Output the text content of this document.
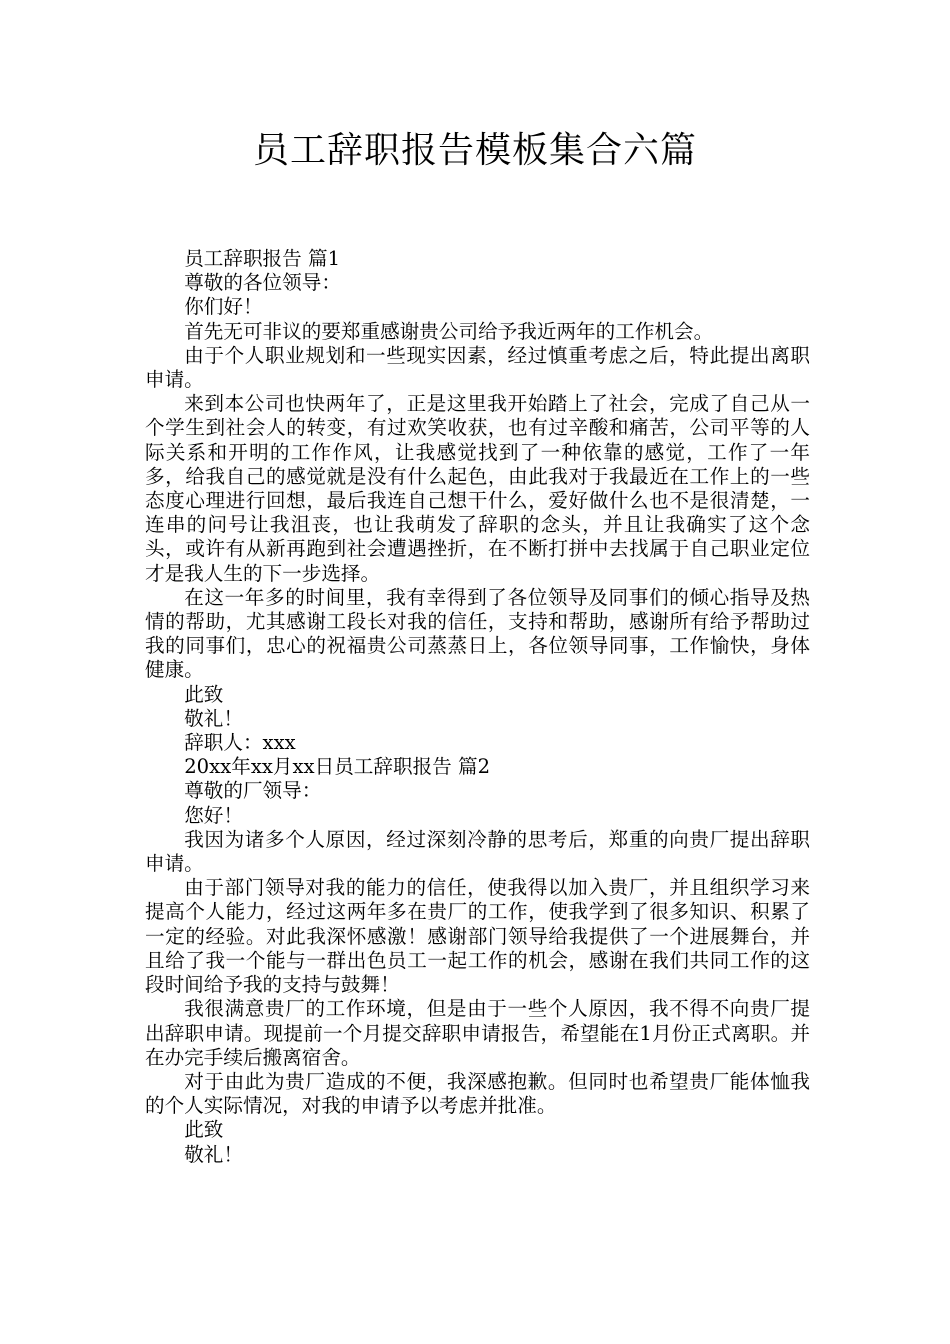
员工辞职报告模板集合六篇

员工辞职报告 篇1

尊敬的各位领导：

你们好！

首先无可非议的要郑重感谢贵公司给予我近两年的工作机会。

由于个人职业规划和一些现实因素，经过慎重考虑之后，特此提出离职申请。

来到本公司也快两年了，正是这里我开始踏上了社会，完成了自己从一个学生到社会人的转变，有过欢笑收获，也有过辛酸和痛苦，公司平等的人际关系和开明的工作作风，让我感觉找到了一种依靠的感觉，工作了一年多，给我自己的感觉就是没有什么起色，由此我对于我最近在工作上的一些态度心理进行回想，最后我连自己想干什么，爱好做什么也不是很清楚，一连串的问号让我沮丧，也让我萌发了辞职的念头，并且让我确实了这个念头，或许有从新再跑到社会遭遇挫折，在不断打拼中去找属于自己职业定位才是我人生的下一步选择。

在这一年多的时间里，我有幸得到了各位领导及同事们的倾心指导及热情的帮助，尤其感谢工段长对我的信任，支持和帮助，感谢所有给予帮助过我的同事们，忠心的祝福贵公司蒸蒸日上，各位领导同事，工作愉快，身体健康。

此致

敬礼！

辞职人：xxx

20xx年xx月xx日员工辞职报告 篇2

尊敬的厂领导：

您好！

我因为诸多个人原因，经过深刻冷静的思考后，郑重的向贵厂提出辞职申请。

由于部门领导对我的能力的信任，使我得以加入贵厂，并且组织学习来提高个人能力，经过这两年多在贵厂的工作，使我学到了很多知识、积累了一定的经验。对此我深怀感激！感谢部门领导给我提供了一个进展舞台，并且给了我一个能与一群出色员工一起工作的机会，感谢在我们共同工作的这段时间给予我的支持与鼓舞！

我很满意贵厂的工作环境，但是由于一些个人原因，我不得不向贵厂提出辞职申请。现提前一个月提交辞职申请报告，希望能在1月份正式离职。并在办完手续后搬离宿舍。

对于由此为贵厂造成的不便，我深感抱歉。但同时也希望贵厂能体恤我的个人实际情况，对我的申请予以考虑并批准。

此致

敬礼！
